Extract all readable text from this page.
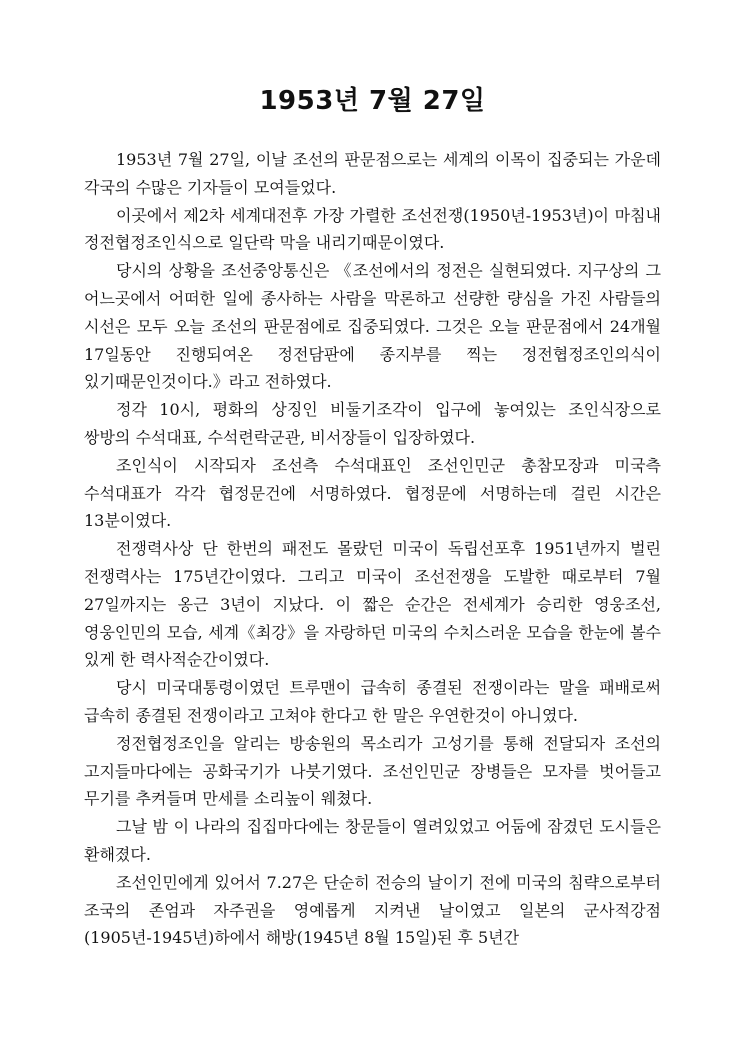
1953년 7월 27일

1953년 7월 27일, 이날 조선의 판문점으로는 세계의 이목이 집중되는 가운데 각국의 수많은 기자들이 모여들었다.

이곳에서 제2차 세계대전후 가장 가렬한 조선전쟁(1950년-1953년)이 마침내 정전협정조인식으로 일단락 막을 내리기때문이였다.

당시의 상황을 조선중앙통신은 《조선에서의 정전은 실현되였다. 지구상의 그 어느곳에서 어떠한 일에 종사하는 사람을 막론하고 선량한 량심을 가진 사람들의 시선은 모두 오늘 조선의 판문점에로 집중되였다. 그것은 오늘 판문점에서 24개월 17일동안 진행되여온 정전담판에 종지부를 찍는 정전협정조인의식이 있기때문인것이다.》라고 전하였다.

정각 10시, 평화의 상징인 비둘기조각이 입구에 놓여있는 조인식장으로 쌍방의 수석대표, 수석련락군관, 비서장들이 입장하였다.

조인식이 시작되자 조선측 수석대표인 조선인민군 총참모장과 미국측 수석대표가 각각 협정문건에 서명하였다. 협정문에 서명하는데 걸린 시간은 13분이였다.

전쟁력사상 단 한번의 패전도 몰랐던 미국이 독립선포후 1951년까지 벌린 전쟁력사는 175년간이였다. 그리고 미국이 조선전쟁을 도발한 때로부터 7월 27일까지는 옹근 3년이 지났다. 이 짧은 순간은 전세계가 승리한 영웅조선, 영웅인민의 모습, 세계《최강》을 자랑하던 미국의 수치스러운 모습을 한눈에 볼수 있게 한 력사적순간이였다.

당시 미국대통령이였던 트루맨이 급속히 종결된 전쟁이라는 말을 패배로써 급속히 종결된 전쟁이라고 고쳐야 한다고 한 말은 우연한것이 아니였다.

정전협정조인을 알리는 방송원의 목소리가 고성기를 통해 전달되자 조선의 고지들마다에는 공화국기가 나붓기였다. 조선인민군 장병들은 모자를 벗어들고 무기를 추켜들며 만세를 소리높이 웨쳤다.

그날 밤 이 나라의 집집마다에는 창문들이 열려있었고 어둠에 잠겼던 도시들은 환해졌다.

조선인민에게 있어서 7.27은 단순히 전승의 날이기 전에 미국의 침략으로부터 조국의 존엄과 자주권을 영예롭게 지켜낸 날이였고 일본의 군사적강점(1905년-1945년)하에서 해방(1945년 8월 15일)된 후 5년간
